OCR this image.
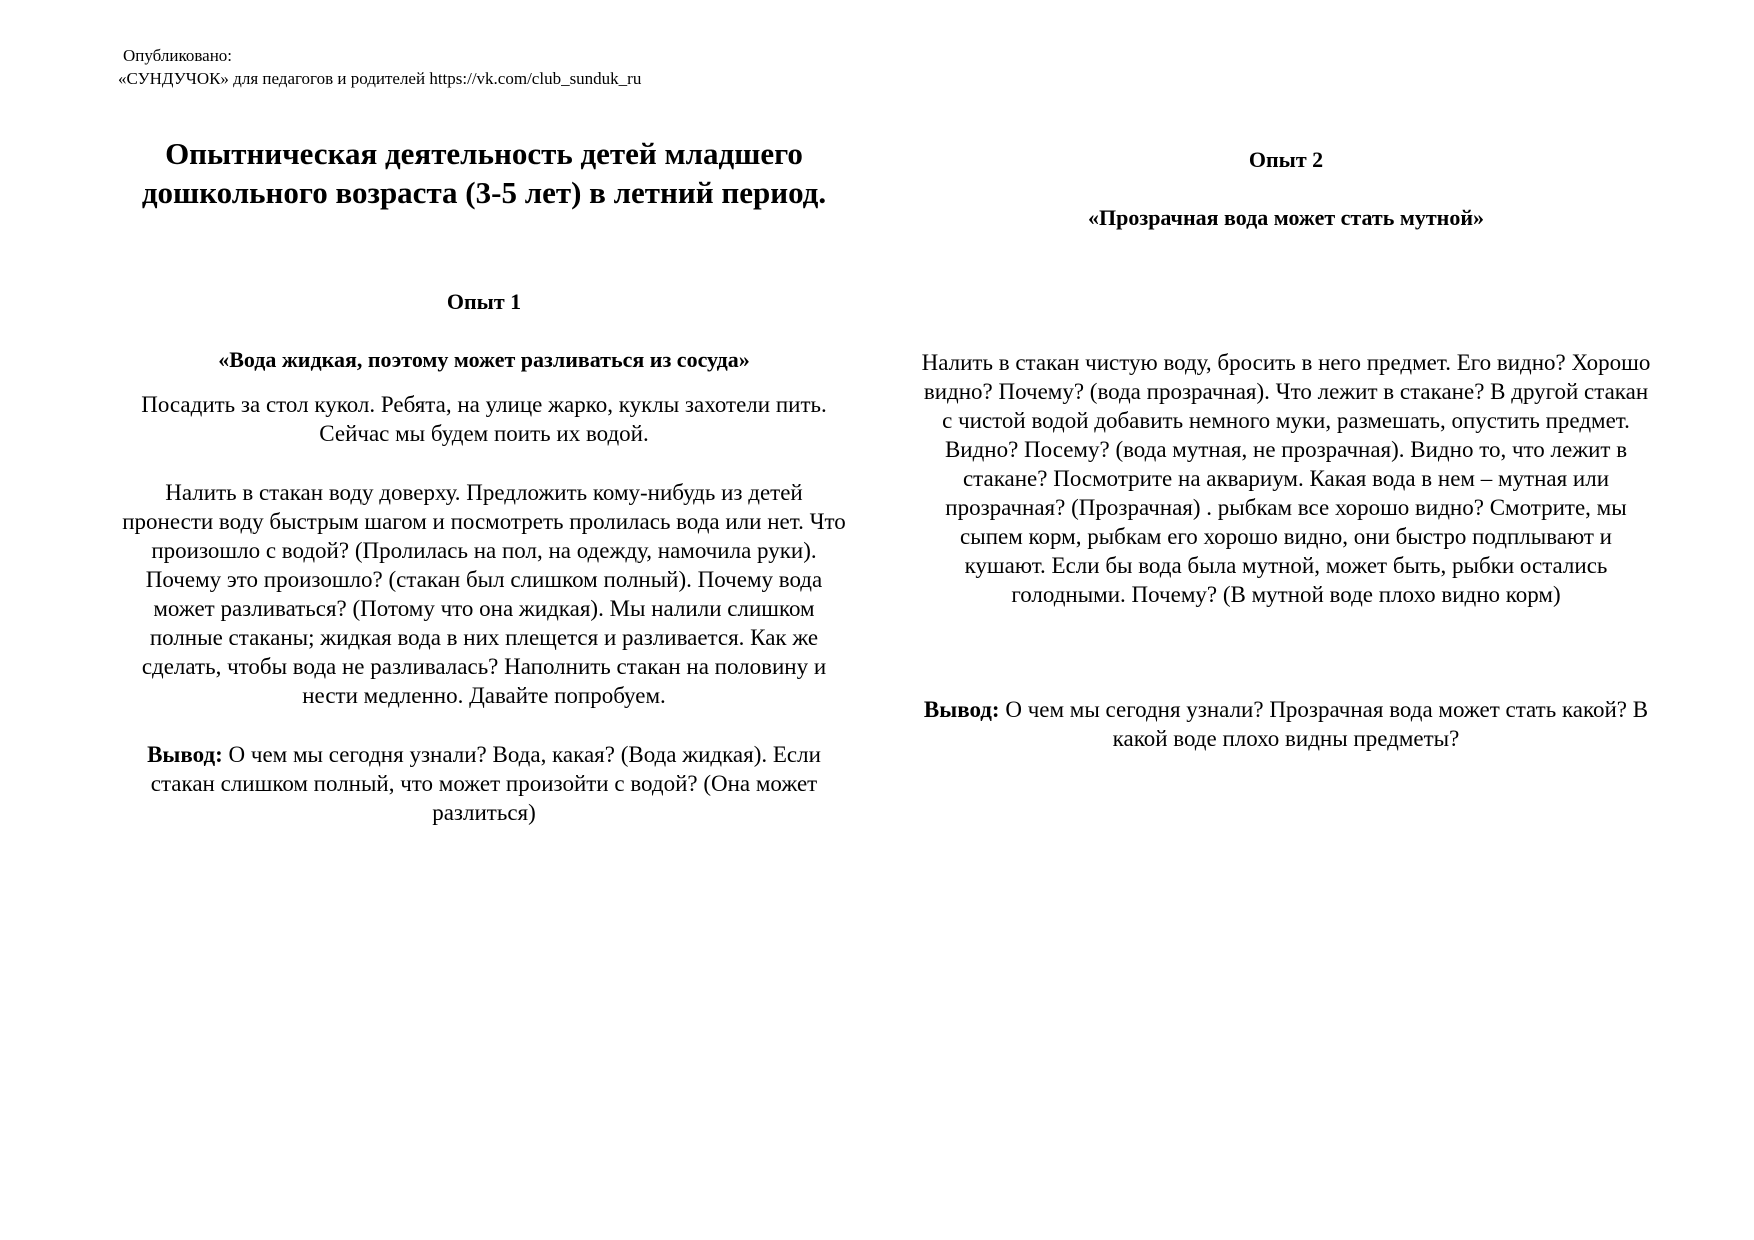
Опубликовано:
«СУНДУЧОК» для педагогов и родителей https://vk.com/club_sunduk_ru
Опытническая деятельность детей младшего дошкольного возраста (3-5 лет) в летний период.
Опыт 1
«Вода жидкая, поэтому может разливаться из сосуда»
Посадить за стол кукол. Ребята, на улице жарко, куклы захотели пить. Сейчас мы будем поить их водой.
Налить в стакан воду доверху. Предложить кому-нибудь из детей пронести воду быстрым шагом и посмотреть пролилась вода или нет. Что произошло с водой? (Пролилась на пол, на одежду, намочила руки). Почему это произошло? (стакан был слишком полный). Почему вода может разливаться? (Потому что она жидкая). Мы налили слишком полные стаканы; жидкая вода в них плещется и разливается. Как же сделать, чтобы вода не разливалась? Наполнить стакан на половину и нести медленно. Давайте попробуем.
Вывод: О чем мы сегодня узнали? Вода, какая? (Вода жидкая). Если стакан слишком полный, что может произойти с водой? (Она может разлиться)
Опыт 2
«Прозрачная вода может стать мутной»
Налить в стакан чистую воду, бросить в него предмет. Его видно? Хорошо видно? Почему? (вода прозрачная). Что лежит в стакане? В другой стакан с чистой водой добавить немного муки, размешать, опустить предмет. Видно? Посему? (вода мутная, не прозрачная). Видно то, что лежит в стакане? Посмотрите на аквариум. Какая вода в нем – мутная или прозрачная? (Прозрачная) . рыбкам все хорошо видно? Смотрите, мы сыпем корм, рыбкам его хорошо видно, они быстро подплывают и кушают. Если бы вода была мутной, может быть, рыбки остались голодными. Почему? (В мутной воде плохо видно корм)
Вывод: О чем мы сегодня узнали? Прозрачная вода может стать какой? В какой воде плохо видны предметы?
